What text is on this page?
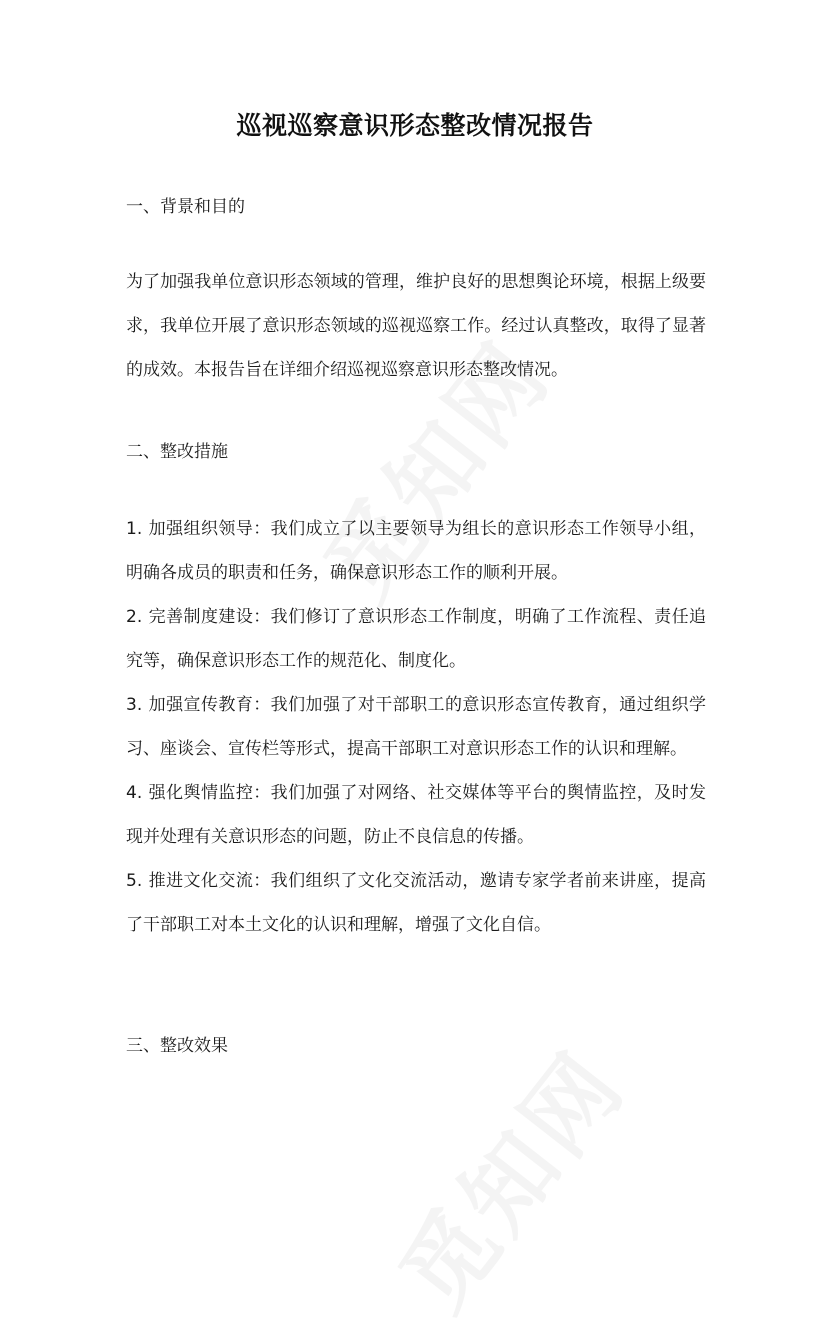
巡视巡察意识形态整改情况报告
一、背景和目的
为了加强我单位意识形态领域的管理，维护良好的思想舆论环境，根据上级要求，我单位开展了意识形态领域的巡视巡察工作。经过认真整改，取得了显著的成效。本报告旨在详细介绍巡视巡察意识形态整改情况。
二、整改措施
1. 加强组织领导：我们成立了以主要领导为组长的意识形态工作领导小组，明确各成员的职责和任务，确保意识形态工作的顺利开展。
2. 完善制度建设：我们修订了意识形态工作制度，明确了工作流程、责任追究等，确保意识形态工作的规范化、制度化。
3. 加强宣传教育：我们加强了对干部职工的意识形态宣传教育，通过组织学习、座谈会、宣传栏等形式，提高干部职工对意识形态工作的认识和理解。
4. 强化舆情监控：我们加强了对网络、社交媒体等平台的舆情监控，及时发现并处理有关意识形态的问题，防止不良信息的传播。
5. 推进文化交流：我们组织了文化交流活动，邀请专家学者前来讲座，提高了干部职工对本土文化的认识和理解，增强了文化自信。
三、整改效果
